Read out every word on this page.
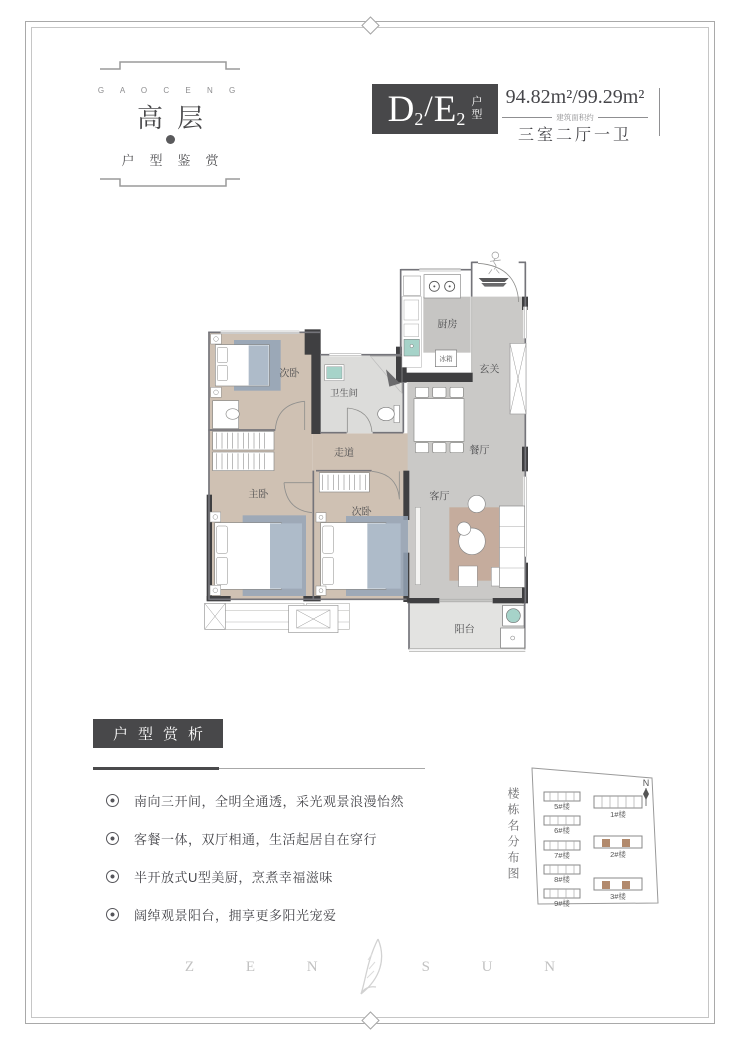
G A O C E N G
高层
户型鉴赏
D 2 / E 2
户
型
94.82m²/99.29m²
建筑面积约
三室二厅一卫
次卧
卫生间
走道
主卧
次卧
厨房
冰箱
玄关
餐厅
客厅
阳台
户型赏析
南向三开间，全明全通透，采光观景浪漫怡然
客餐一体，双厅相通，生活起居自在穿行
半开放式U型美厨，烹煮幸福滋味
阔绰观景阳台，拥享更多阳光宠爱
楼栋名分布图
N
5#楼
6#楼
7#楼
8#楼
9#楼
1#楼
2#楼
3#楼
Z E N	S U N
